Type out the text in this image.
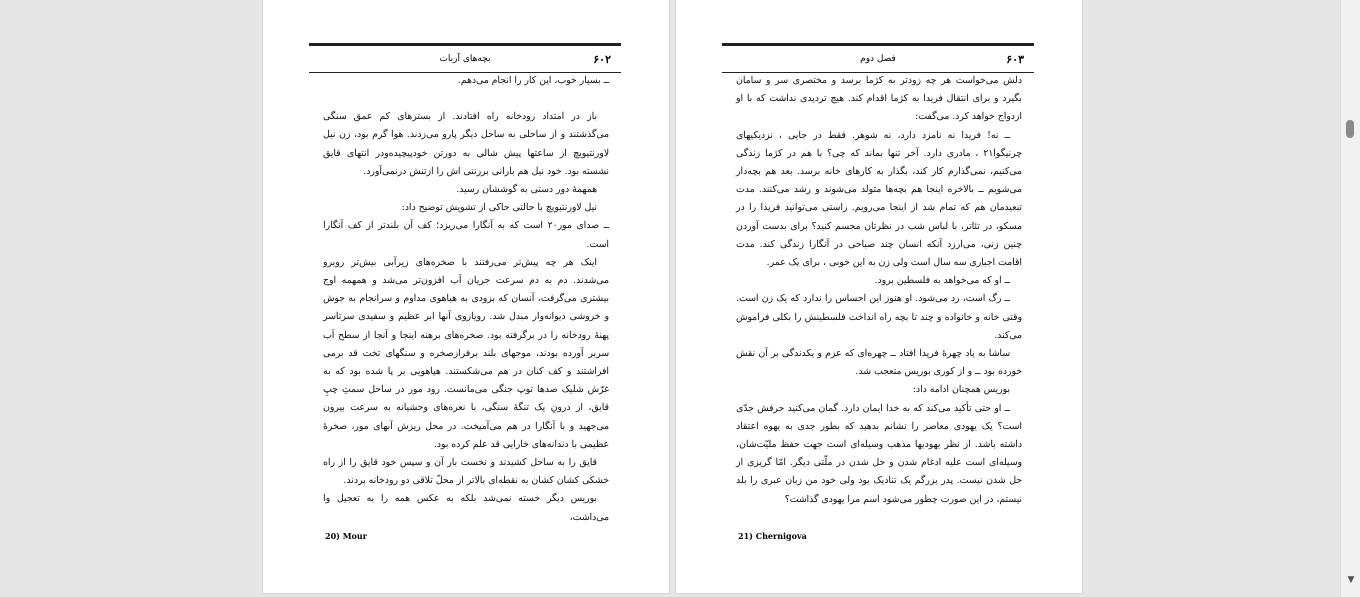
۶۰۲
بچه‌های آربات

ــ بسیار خوب، این کار را انجام می‌دهم.

باز در امتداد رودخانه راه افتادند. از بسترهای کم عمق سنگی می‌گذشتند و از ساحلی به ساحل دیگر پارو می‌زدند. هوا گرم بود، زن نیل لاورنتیویچ از ساعتها پیش شالی به دورتن خودپیچیده‌ودر انتهای قایق نشسته بود. خود نیل هم بارانی برزنتی اش را ازتنش درنمی‌آورد.

همهمهٔ دور دستی به گوششان رسید.

نیل لاورنتیویچ با حالتی حاکی از تشویش توضیح داد:

ــ صدای مور۲۰ است که به آنگارا می‌ریزد؛ کف آن بلندتر از کف آنگارا است.

اینک هر چه پیش‌تر می‌رفتند با صخره‌های زیرآبی بیش‌تر روبرو می‌شدند. دم به دم سرعت جریان آب افزون‌تر می‌شد و همهمه اوج بیشتری می‌گرفت، آنسان که بزودی به هیاهوی مداوم و سرانجام به جوش و خروشی دیوانه‌وار مبدل شد. رویاروی آنها ابر عظیم و سفیدی سرتاسر پهنهٔ رودخانه را در برگرفته بود. صخره‌های برهنه اینجا و آنجا از سطح آب سربر آورده بودند، موجهای بلند برفرازصخره و سنگهای تخت قد برمی افراشتند و کف کنان در هم می‌شکستند. هیاهویی بر پا شده بود که به غرّش شلیک صدها توپ جنگی می‌مانست. رود مور در ساحل سمتِ چپِ قایق، از درونِ یک تنگهٔ سنگی، با نعره‌های وحشیانه به سرعت بیرون می‌جهید و با آنگارا در هم می‌آمیخت. در محل ریزش آبهای مور، صخرهٔ عظیمی با دندانه‌های خارایی قد علم کرده بود.

قایق را به ساحل کشیدند و نخست بار آن و سپس خود قایق را از راه خشکی کشان کشان به نقطه‌ای بالا‌تر از محلّ تلاقی دو رودخانه بردند.

بوریس دیگر خسته نمی‌شد بلکه به عکس همه را به تعجیل وا می‌داشت،

20) Mour
۶۰۳
فصل دوم

دلش می‌خواست هر چه زودتر به کژما برسد و مختصری سر و سامان بگیرد و برای انتقال فریدا به کژما اقدام کند. هیچ تردیدی نداشت که با او ازدواج خواهد کرد. می‌گفت:

ــ نه! فریدا نه نامزد دارد، نه شوهر. فقط در جایی ، نزدیکیهای چرنیگوا۲۱ ، مادری دارد. آخر تنها بماند که چی؟ با هم در کژما زندگی می‌کنیم، نمی‌گذارم کار کند، بگذار به کارهای خانه برسد. بعد هم بچه‌دار می‌شویم ــ بالاخره اینجا هم بچه‌ها متولد می‌شوند و رشد می‌کنند. مدت تبعیدمان هم که تمام شد از اینجا می‌رویم. راستی می‌توانید فریدا را در مسکو، در تئاتر، با لباس شب در نظرتان مجسم کنید؟ برای بدست آوردن چنین زنی، می‌ارزد آنکه انسان چند صباحی در آنگارا زندگی کند. مدت اقامت اجباری سه سال است ولی زن به این خوبی ، برای یک عمر.

ــ او که می‌خواهد به فلسطین برود.

ــ رگ است، رد می‌شود. او هنوز این احساس را ندارد که یک زن است. وقتی خانه و خانواده و چند تا بچه راه انداخت فلسطینش را بکلی فراموش می‌کند.

ساشا به یاد چهرهٔ فریدا افتاد ــ چهره‌ای که عزم و یکدندگی بر آن نقش خورده بود ــ و از کوری بوریس متعجب شد.

بوریس همچنان ادامه داد:

ــ او حتی تأکید می‌کند که به خدا ایمان دارد. گمان می‌کنید حرفش جدّی است؟ یک یهودی معاصر را نشانم بدهید که بطور جدی به یهوه اعتقاد داشته باشد. از نظر یهودیها مذهب وسیله‌ای است جهت حفظ ملیّت‌شان، وسیله‌ای است علیه ادغام شدن و حل شدن در ملّتی دیگر. امّا گریزی از حل شدن نیست. پدر بزرگم یک تنادیک بود ولی خود من زبان عبری را بلد نیستم، در این صورت چطور می‌شود اسم مرا یهودی گذاشت؟

21) Chernigova
▼
